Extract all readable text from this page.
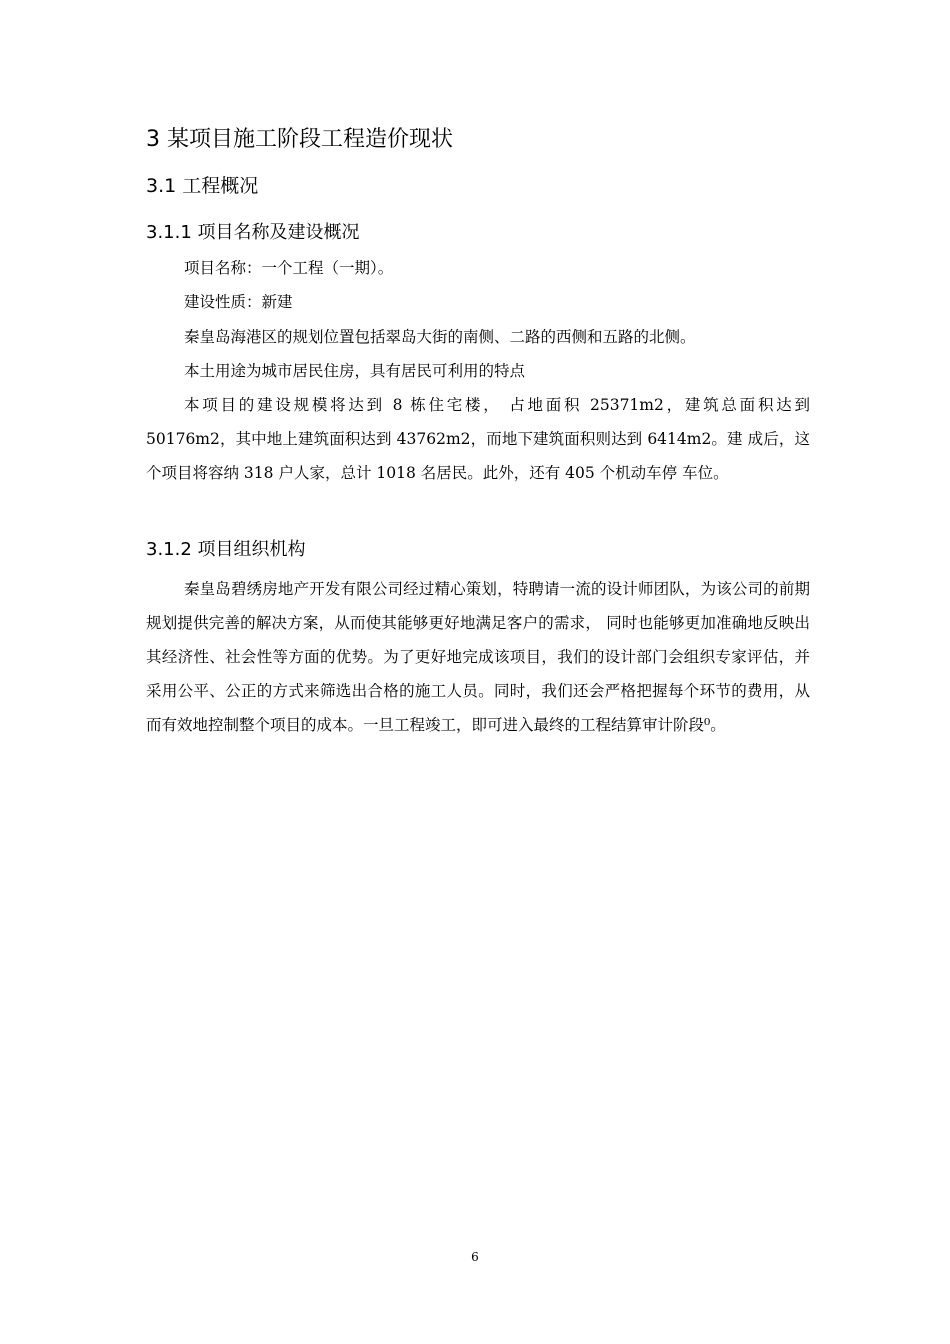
3 某项目施工阶段工程造价现状
3.1 工程概况
3.1.1 项目名称及建设概况
项目名称：一个工程（一期）。
建设性质：新建
秦皇岛海港区的规划位置包括翠岛大街的南侧、二路的西侧和五路的北侧。
本土用途为城市居民住房，具有居民可利用的特点
本项目的建设规模将达到 8 栋住宅楼， 占地面积 25371m2，建筑总面积达到 50176m2，其中地上建筑面积达到 43762m2，而地下建筑面积则达到 6414m2。建 成后，这个项目将容纳 318 户人家，总计 1018 名居民。此外，还有 405 个机动车停 车位。
3.1.2 项目组织机构
秦皇岛碧绣房地产开发有限公司经过精心策划，特聘请一流的设计师团队，为该公司的前期规划提供完善的解决方案，从而使其能够更好地满足客户的需求， 同时也能够更加准确地反映出其经济性、社会性等方面的优势。为了更好地完成该项目，我们的设计部门会组织专家评估，并采用公平、公正的方式来筛选出合格的施工人员。同时，我们还会严格把握每个环节的费用，从而有效地控制整个项目的成本。一旦工程竣工，即可进入最终的工程结算审计阶段⁰。
6
